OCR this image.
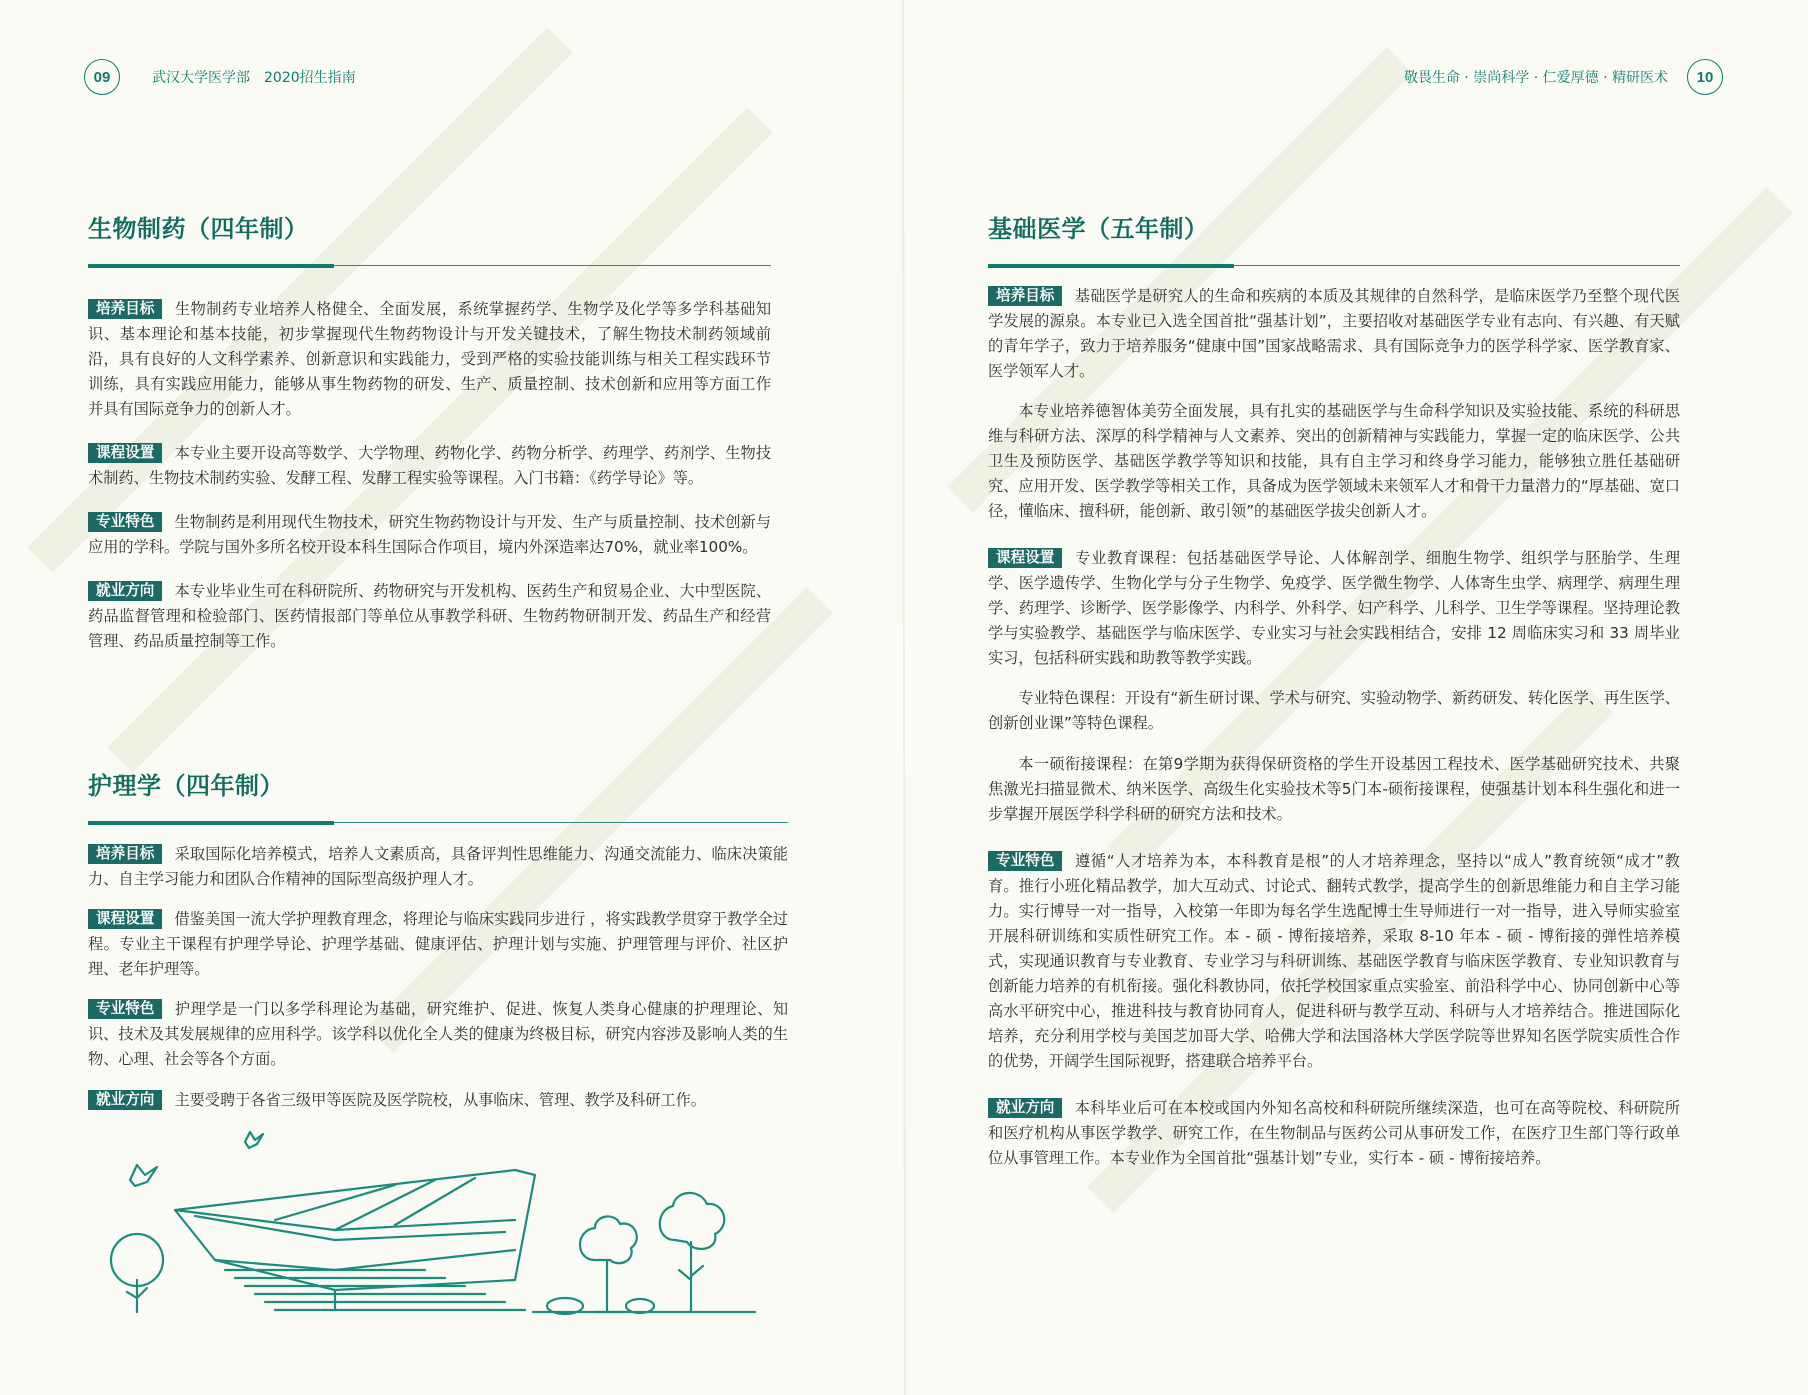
09	武汉大学医学部　2020招生指南	敬畏生命 · 崇尚科学 · 仁爱厚德 · 精研医术	10
生物制药（四年制）

培养目标 生物制药专业培养人格健全、全面发展，系统掌握药学、生物学及化学等多学科基础知识、基本理论和基本技能，初步掌握现代生物药物设计与开发关键技术，了解生物技术制药领域前沿，具有良好的人文科学素养、创新意识和实践能力，受到严格的实验技能训练与相关工程实践环节训练，具有实践应用能力，能够从事生物药物的研发、生产、质量控制、技术创新和应用等方面工作并具有国际竞争力的创新人才。

课程设置 本专业主要开设高等数学、大学物理、药物化学、药物分析学、药理学、药剂学、生物技术制药、生物技术制药实验、发酵工程、发酵工程实验等课程。入门书籍：《药学导论》等。

专业特色 生物制药是利用现代生物技术，研究生物药物设计与开发、生产与质量控制、技术创新与应用的学科。学院与国外多所名校开设本科生国际合作项目，境内外深造率达70%，就业率100%。

就业方向 本专业毕业生可在科研院所、药物研究与开发机构、医药生产和贸易企业、大中型医院、药品监督管理和检验部门、医药情报部门等单位从事教学科研、生物药物研制开发、药品生产和经营管理、药品质量控制等工作。

护理学（四年制）

培养目标 采取国际化培养模式，培养人文素质高，具备评判性思维能力、沟通交流能力、临床决策能力、自主学习能力和团队合作精神的国际型高级护理人才。

课程设置 借鉴美国一流大学护理教育理念，将理论与临床实践同步进行 ，将实践教学贯穿于教学全过程。专业主干课程有护理学导论、护理学基础、健康评估、护理计划与实施、护理管理与评价、社区护理、老年护理等。

专业特色 护理学是一门以多学科理论为基础，研究维护、促进、恢复人类身心健康的护理理论、知识、技术及其发展规律的应用科学。该学科以优化全人类的健康为终极目标，研究内容涉及影响人类的生物、心理、社会等各个方面。

就业方向 主要受聘于各省三级甲等医院及医学院校，从事临床、管理、教学及科研工作。

基础医学（五年制）

培养目标 基础医学是研究人的生命和疾病的本质及其规律的自然科学，是临床医学乃至整个现代医学发展的源泉。本专业已入选全国首批“强基计划”，主要招收对基础医学专业有志向、有兴趣、有天赋的青年学子，致力于培养服务“健康中国”国家战略需求、具有国际竞争力的医学科学家、医学教育家、医学领军人才。

本专业培养德智体美劳全面发展，具有扎实的基础医学与生命科学知识及实验技能、系统的科研思维与科研方法、深厚的科学精神与人文素养、突出的创新精神与实践能力，掌握一定的临床医学、公共卫生及预防医学、基础医学教学等知识和技能，具有自主学习和终身学习能力，能够独立胜任基础研究、应用开发、医学教学等相关工作，具备成为医学领域未来领军人才和骨干力量潜力的“厚基础、宽口径，懂临床、擅科研，能创新、敢引领”的基础医学拔尖创新人才。

课程设置 专业教育课程：包括基础医学导论、人体解剖学、细胞生物学、组织学与胚胎学、生理学、医学遗传学、生物化学与分子生物学、免疫学、医学微生物学、人体寄生虫学、病理学、病理生理学、药理学、诊断学、医学影像学、内科学、外科学、妇产科学、儿科学、卫生学等课程。坚持理论教学与实验教学、基础医学与临床医学、专业实习与社会实践相结合，安排 12 周临床实习和 33 周毕业实习，包括科研实践和助教等教学实践。

专业特色课程：开设有“新生研讨课、学术与研究、实验动物学、新药研发、转化医学、再生医学、创新创业课”等特色课程。

本一硕衔接课程：在第9学期为获得保研资格的学生开设基因工程技术、医学基础研究技术、共聚焦激光扫描显微术、纳米医学、高级生化实验技术等5门本-硕衔接课程，使强基计划本科生强化和进一步掌握开展医学科学科研的研究方法和技术。

专业特色 遵循“人才培养为本，本科教育是根”的人才培养理念，坚持以“成人”教育统领“成才”教育。推行小班化精品教学，加大互动式、讨论式、翻转式教学，提高学生的创新思维能力和自主学习能力。实行博导一对一指导，入校第一年即为每名学生选配博士生导师进行一对一指导，进入导师实验室开展科研训练和实质性研究工作。本 - 硕 - 博衔接培养，采取 8-10 年本 - 硕 - 博衔接的弹性培养模式，实现通识教育与专业教育、专业学习与科研训练、基础医学教育与临床医学教育、专业知识教育与创新能力培养的有机衔接。强化科教协同，依托学校国家重点实验室、前沿科学中心、协同创新中心等高水平研究中心，推进科技与教育协同育人，促进科研与教学互动、科研与人才培养结合。推进国际化培养，充分利用学校与美国芝加哥大学、哈佛大学和法国洛林大学医学院等世界知名医学院实质性合作的优势，开阔学生国际视野，搭建联合培养平台。

就业方向 本科毕业后可在本校或国内外知名高校和科研院所继续深造，也可在高等院校、科研院所和医疗机构从事医学教学、研究工作，在生物制品与医药公司从事研发工作，在医疗卫生部门等行政单位从事管理工作。本专业作为全国首批“强基计划”专业，实行本 - 硕 - 博衔接培养。
